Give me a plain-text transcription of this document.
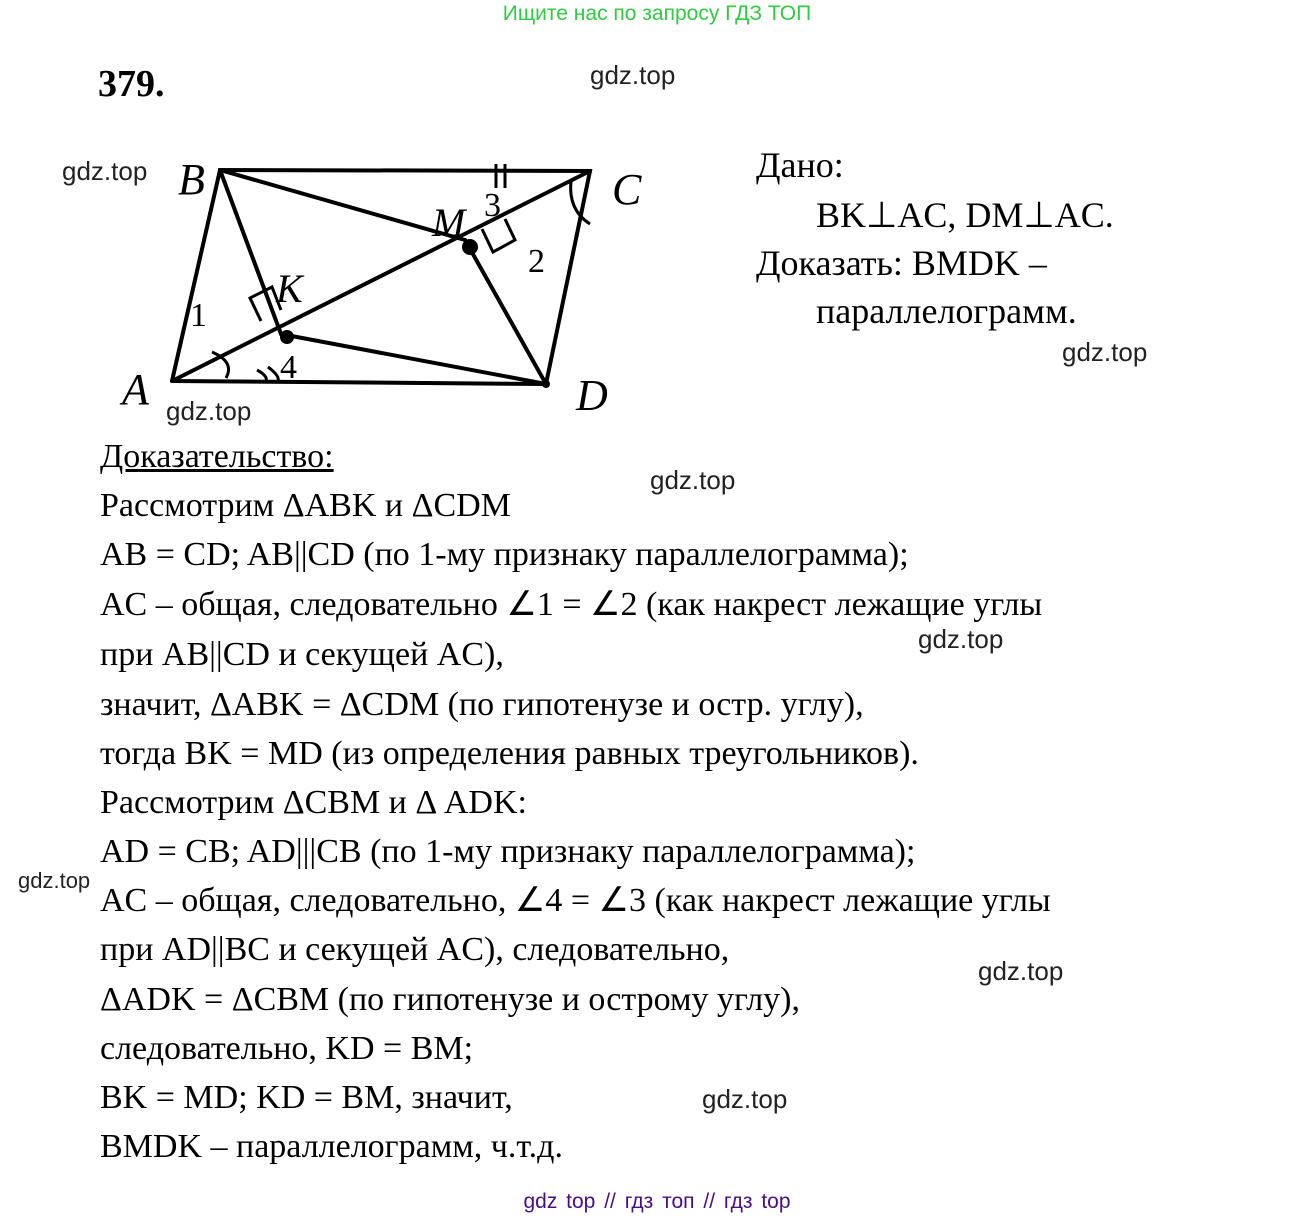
Ищите нас по запросу ГДЗ ТОП
379.	gdz.top
gdz.top
gdz.top
gdz.top
gdz.top
gdz.top
gdz.top
gdz.top
gdz.top
B	C
A	D
K
M
1
2
3
4
Дано:
BK⊥AC, DM⊥AC.
Доказать: BMDK –
параллелограмм.
Доказательство:
Рассмотрим ΔABK и ΔCDM
AB = CD; AB||CD (по 1-му признаку параллелограмма);
AC – общая, следовательно ∠1 = ∠2 (как накрест лежащие углы
при AB||CD и секущей AC),
значит, ΔABK = ΔCDM (по гипотенузе и остр. углу),
тогда BK = MD (из определения равных треугольников).
Рассмотрим ΔCBM и Δ ADK:
AD = CB; AD|||CB (по 1-му признаку параллелограмма);
AC – общая, следовательно, ∠4 = ∠3 (как накрест лежащие углы
при AD||BC и секущей AC), следовательно,
ΔADK = ΔCBM (по гипотенузе и острому углу),
следовательно, KD = BM;
BK = MD; KD = BM, значит,
BMDK – параллелограмм, ч.т.д.
gdz top // гдз топ // гдз top
